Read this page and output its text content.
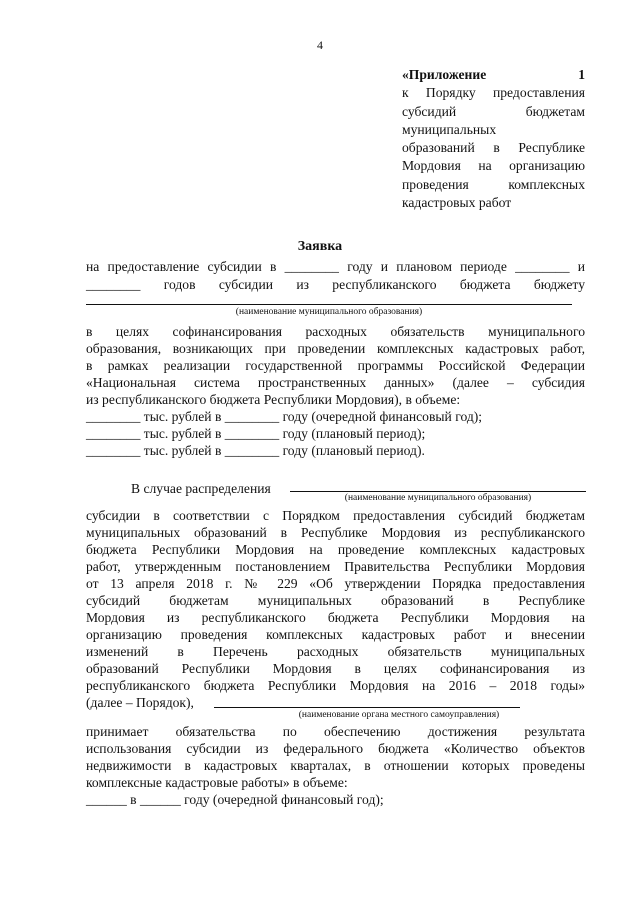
4
«Приложение 1
к Порядку предоставления
субсидий бюджетам
муниципальных
образований в Республике
Мордовия на организацию
проведения комплексных
кадастровых работ
Заявка
на предоставление субсидии в ________ году и плановом периоде ________ и
________ годов субсидии из республиканского бюджета бюджету
(наименование муниципального образования)
в целях софинансирования расходных обязательств муниципального
образования, возникающих при проведении комплексных кадастровых работ,
в рамках реализации государственной программы Российской Федерации
«Национальная система пространственных данных» (далее – субсидия
из республиканского бюджета Республики Мордовия), в объеме:
________ тыс. рублей в ________ году (очередной финансовый год);
________ тыс. рублей в ________ году (плановый период);
________ тыс. рублей в ________ году (плановый период).
В случае распределения
(наименование муниципального образования)
субсидии в соответствии с Порядком предоставления субсидий бюджетам
муниципальных образований в Республике Мордовия из республиканского
бюджета Республики Мордовия на проведение комплексных кадастровых
работ, утвержденным постановлением Правительства Республики Мордовия
от 13 апреля 2018 г. № 229 «Об утверждении Порядка предоставления
субсидий бюджетам муниципальных образований в Республике
Мордовия из республиканского бюджета Республики Мордовия на
организацию проведения комплексных кадастровых работ и внесении
изменений в Перечень расходных обязательств муниципальных
образований Республики Мордовия в целях софинансирования из
республиканского бюджета Республики Мордовия на 2016 – 2018 годы»
(далее – Порядок),
(наименование органа местного самоуправления)
принимает обязательства по обеспечению достижения результата
использования субсидии из федерального бюджета «Количество объектов
недвижимости в кадастровых кварталах, в отношении которых проведены
комплексные кадастровые работы» в объеме:
______ в ______ году (очередной финансовый год);
